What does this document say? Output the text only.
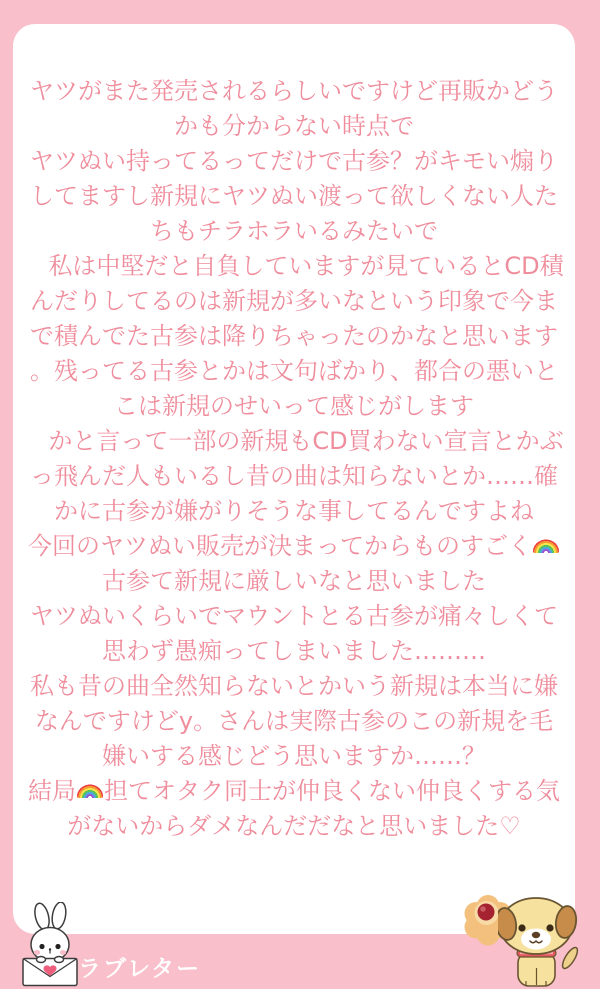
ヤツがまた発売されるらしいですけど再販かどう
かも分からない時点で
ヤツぬい持ってるってだけで古参？がキモい煽り
してますし新規にヤツぬい渡って欲しくない人た
ちもチラホラいるみたいで
　私は中堅だと自負していますが見ているとCD積
んだりしてるのは新規が多いなという印象で今ま
で積んでた古参は降りちゃったのかなと思います
。残ってる古参とかは文句ばかり、都合の悪いと
こは新規のせいって感じがします
　かと言って一部の新規もCD買わない宣言とかぶ
っ飛んだ人もいるし昔の曲は知らないとか……確
かに古参が嫌がりそうな事してるんですよね
今回のヤツぬい販売が決まってからものすごく
古参て新規に厳しいなと思いました
ヤツぬいくらいでマウントとる古参が痛々しくて
思わず愚痴ってしまいました………
私も昔の曲全然知らないとかいう新規は本当に嫌
なんですけどy。さんは実際古参のこの新規を毛
嫌いする感じどう思いますか……？
結局 担てオタク同士が仲良くない仲良くする気
がないからダメなんだだなと思いました♡
ラブレター
